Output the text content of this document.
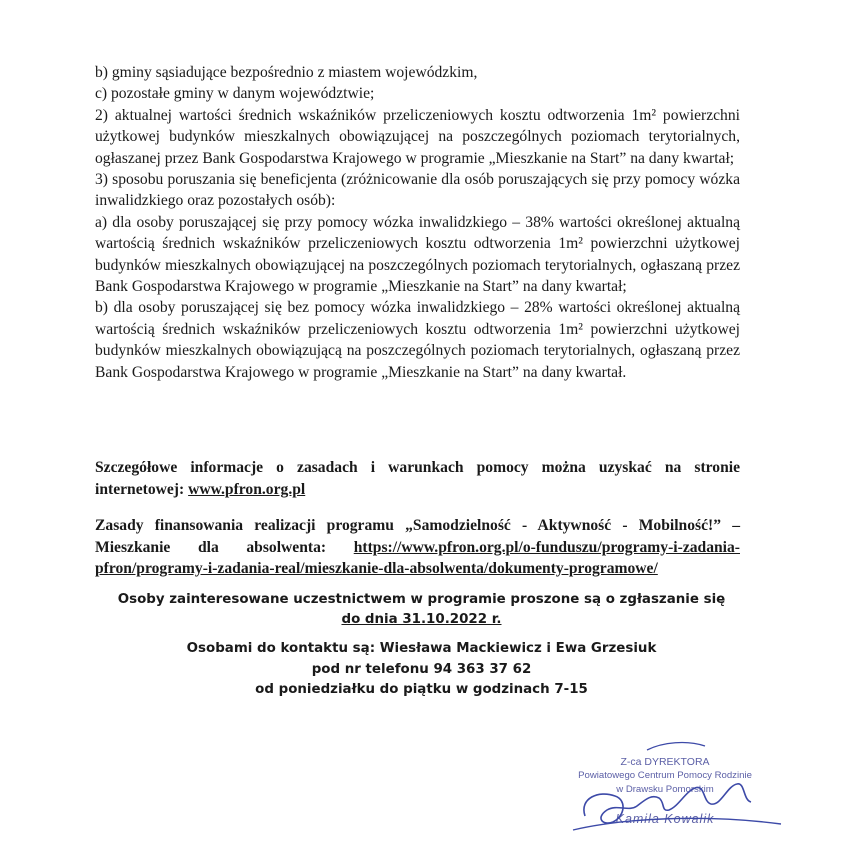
b) gminy sąsiadujące bezpośrednio z miastem wojewódzkim,

c) pozostałe gminy w danym województwie;

2) aktualnej wartości średnich wskaźników przeliczeniowych kosztu odtworzenia 1m² powierzchni użytkowej budynków mieszkalnych obowiązującej na poszczególnych poziomach terytorialnych, ogłaszanej przez Bank Gospodarstwa Krajowego w programie „Mieszkanie na Start” na dany kwartał;

3) sposobu poruszania się beneficjenta (zróżnicowanie dla osób poruszających się przy pomocy wózka inwalidzkiego oraz pozostałych osób):

a) dla osoby poruszającej się przy pomocy wózka inwalidzkiego – 38% wartości określonej aktualną wartością średnich wskaźników przeliczeniowych kosztu odtworzenia 1m² powierzchni użytkowej budynków mieszkalnych obowiązującej na poszczególnych poziomach terytorialnych, ogłaszaną przez Bank Gospodarstwa Krajowego w programie „Mieszkanie na Start” na dany kwartał;

b) dla osoby poruszającej się bez pomocy wózka inwalidzkiego – 28% wartości określonej aktualną wartością średnich wskaźników przeliczeniowych kosztu odtworzenia 1m² powierzchni użytkowej budynków mieszkalnych obowiązującą na poszczególnych poziomach terytorialnych, ogłaszaną przez Bank Gospodarstwa Krajowego w programie „Mieszkanie na Start” na dany kwartał.

Szczegółowe informacje o zasadach i warunkach pomocy można uzyskać na stronie internetowej: www.pfron.org.pl
Zasady finansowania realizacji programu „Samodzielność - Aktywność - Mobilność!” – Mieszkanie dla absolwenta: https://www.pfron.org.pl/o-funduszu/programy-i-zadania-pfron/programy-i-zadania-real/mieszkanie-dla-absolwenta/dokumenty-programowe/

Osoby zainteresowane uczestnictwem w programie proszone są o zgłaszanie się

do dnia 31.10.2022 r.

Osobami do kontaktu są: Wiesława Mackiewicz i Ewa Grzesiuk

pod nr telefonu 94 363 37 62

od poniedziałku do piątku w godzinach 7-15

Z-ca DYREKTORA
Powiatowego Centrum Pomocy Rodzinie
w Drawsku Pomorskim
Kamila Kowalik
